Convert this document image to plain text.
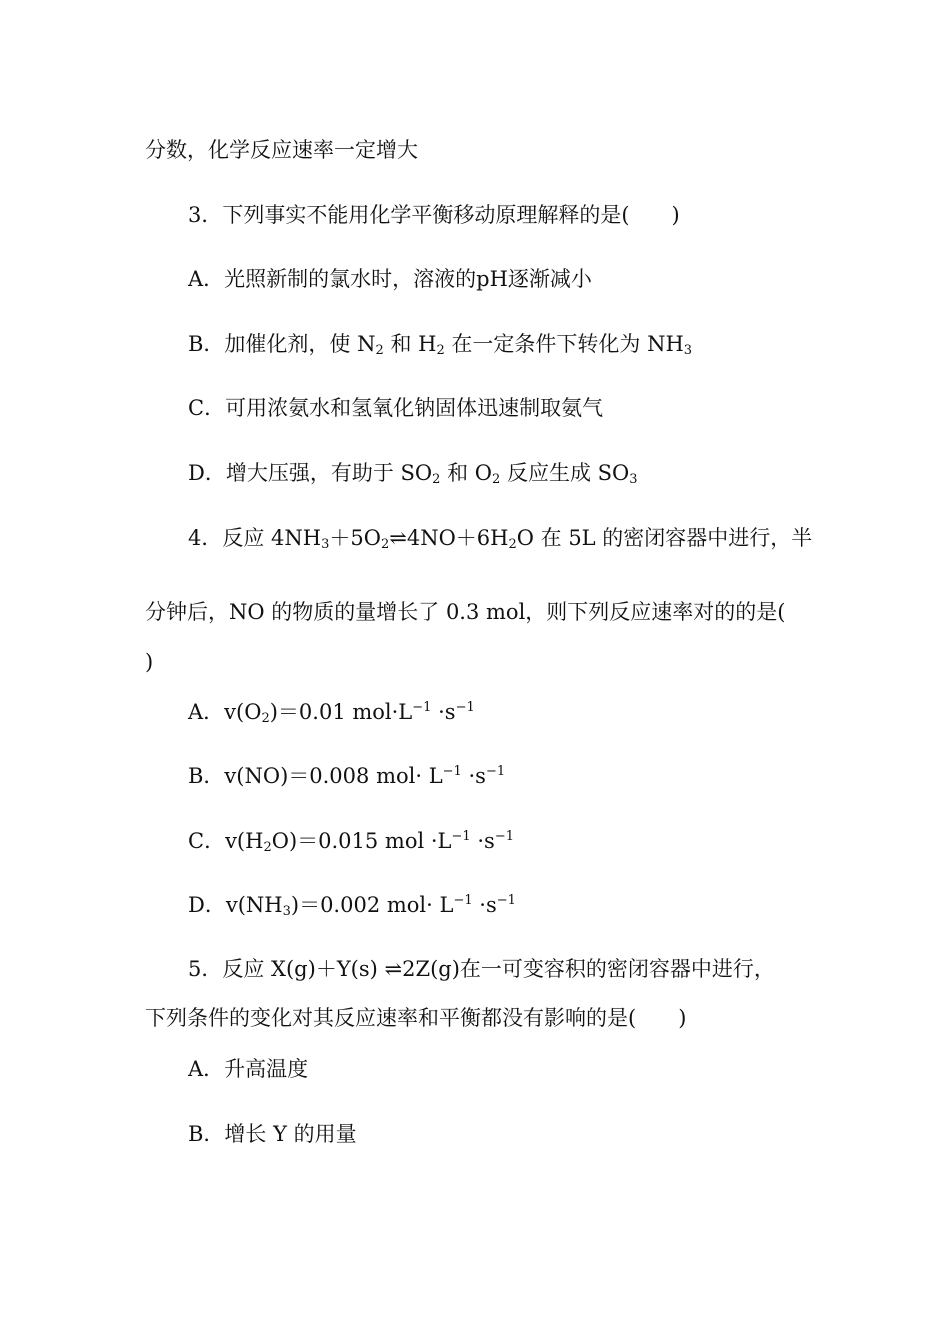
分数，化学反应速率一定增大
3．下列事实不能用化学平衡移动原理解释的是(　　)
A．光照新制的氯水时，溶液的pH逐渐减小
B．加催化剂，使 $N_2$ 和 $H_2$ 在一定条件下转化为 $NH_3$
C．可用浓氨水和氢氧化钠固体迅速制取氨气
D．增大压强，有助于 $SO_2$ 和 $O_2$ 反应生成 $SO_3$
4．反应 $4NH_3+5O_2\rightleftharpoons 4NO+6H_2O$ 在 5L 的密闭容器中进行，半
分钟后，NO 的物质的量增长了 0.3 mol，则下列反应速率对的的是(
)
A．$v(O_2)=0.01$ $mol\cdot L^{-1} \cdot s^{-1}$
B．v(NO)＝0.008 $mol\cdot L^{-1} \cdot s^{-1}$
C．$v(H_2O)=0.015$ mol $\cdot L^{-1} \cdot s^{-1}$
D．$v(NH_3)=0.002$ $mol\cdot L^{-1} \cdot s^{-1}$
5．反应 X(g)＋Y(s) ⇌2Z(g)在一可变容积的密闭容器中进行，
下列条件的变化对其反应速率和平衡都没有影响的是(　　)
A．升高温度
B．增长 Y 的用量
